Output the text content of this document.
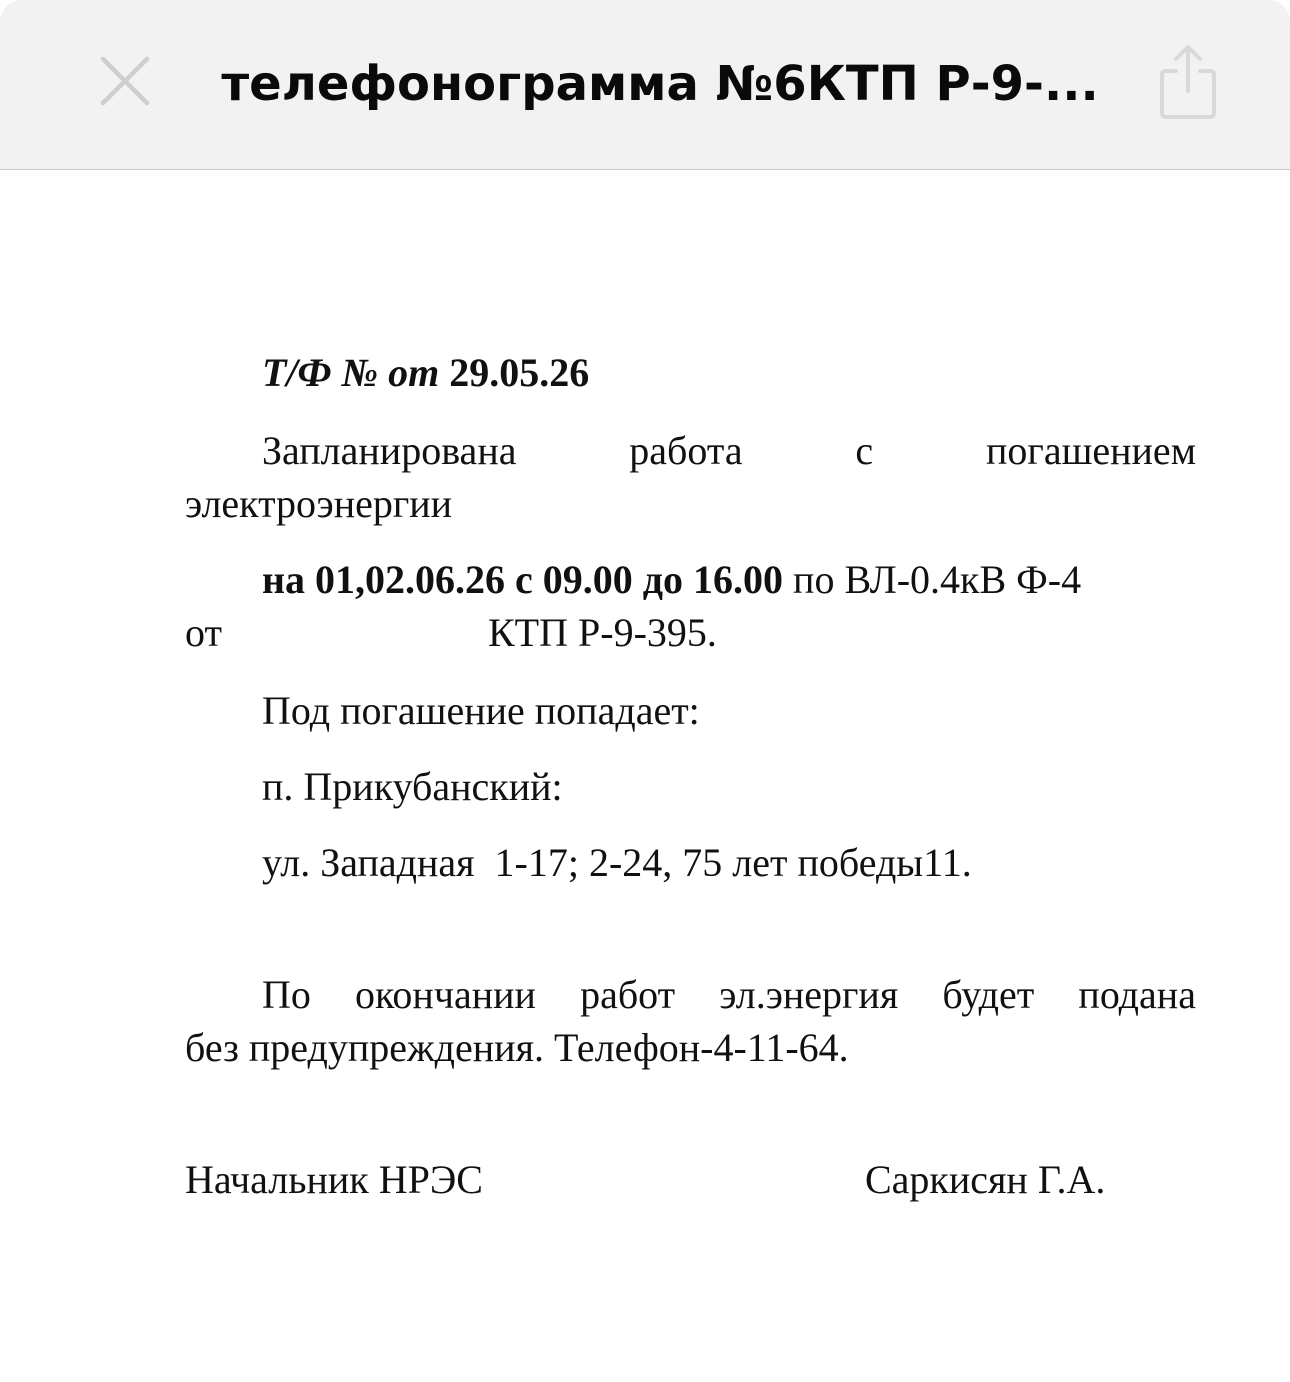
телефонограмма №6КТП Р-9-...
Т/Ф № от 29.05.26
Запланирована	работа	с	погашением
электроэнергии
на 01,02.06.26 с 09.00 до 16.00 по ВЛ-0.4кВ Ф-4
от	КТП Р-9-395.
Под погашение попадает:
п. Прикубанский:
ул. Западная  1-17; 2-24, 75 лет победы11.
По окончании работ эл.энергия будет подана
без предупреждения. Телефон-4-11-64.
Начальник НРЭС	Саркисян Г.А.
